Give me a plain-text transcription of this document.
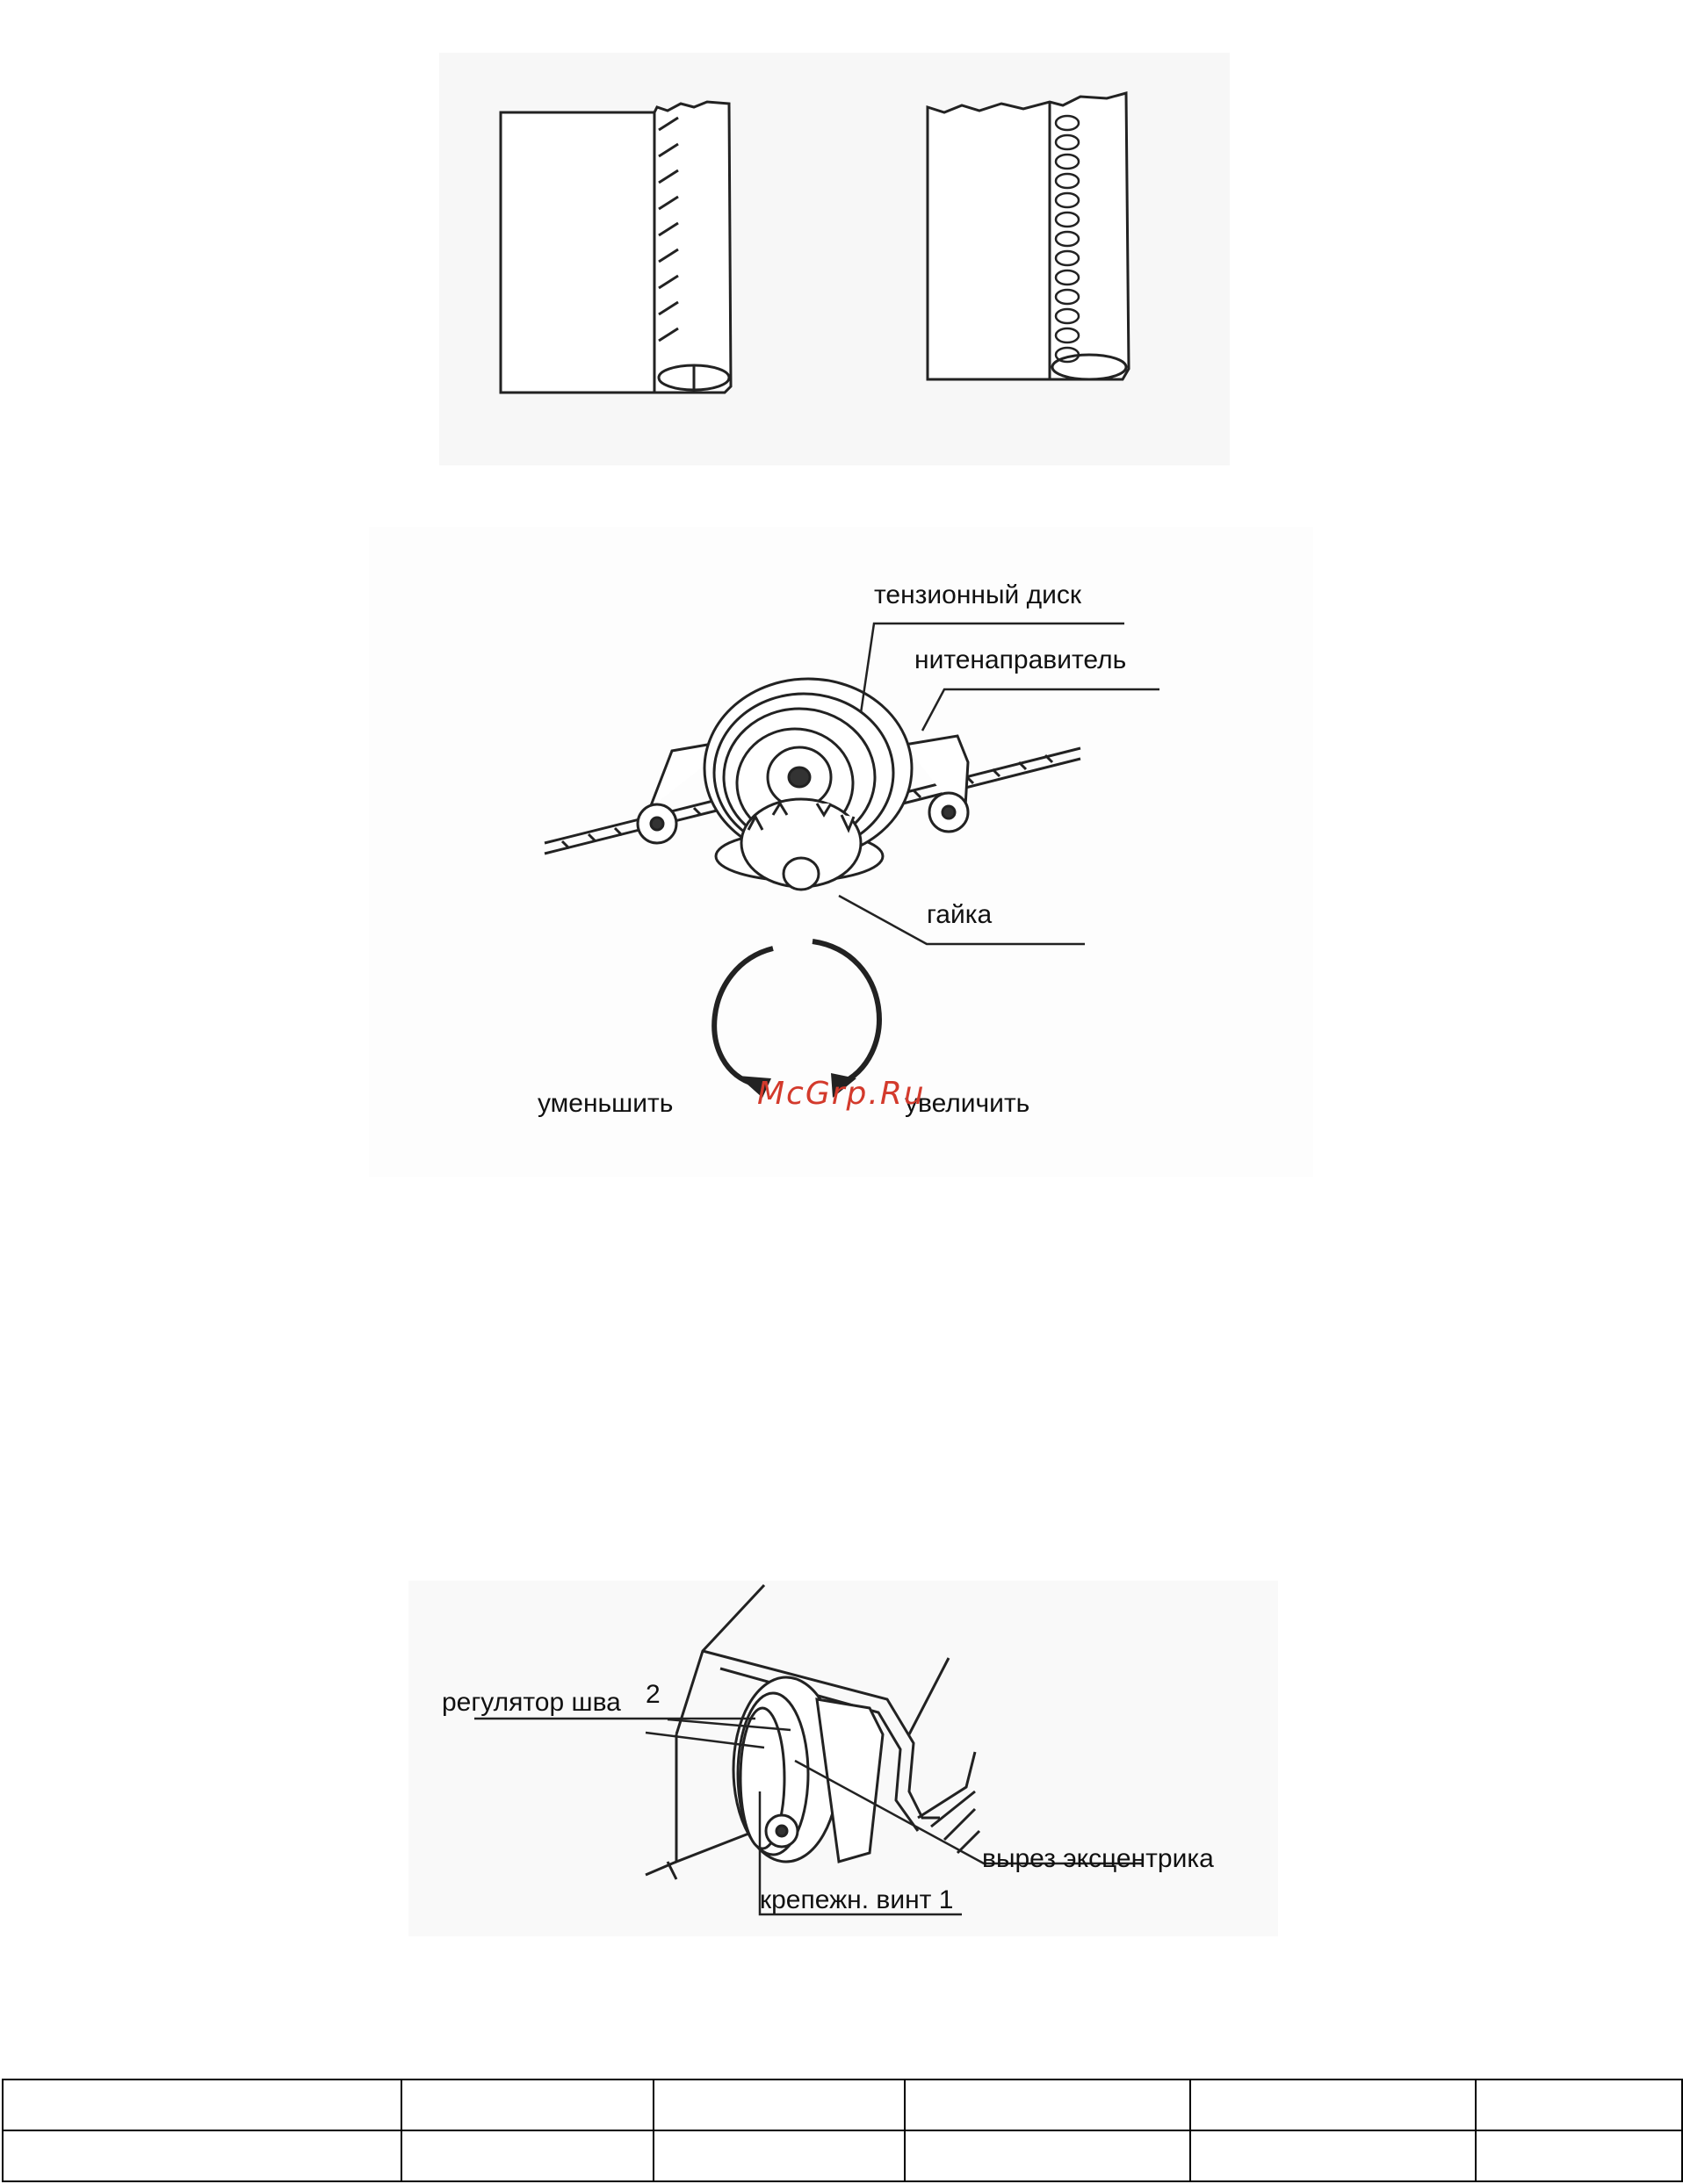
тензионный диск
нитенаправитель
гайка
уменьшить	увеличить
McGrp.Ru
регулятор шва 2
вырез эксцентрика
крепежн. винт 1
